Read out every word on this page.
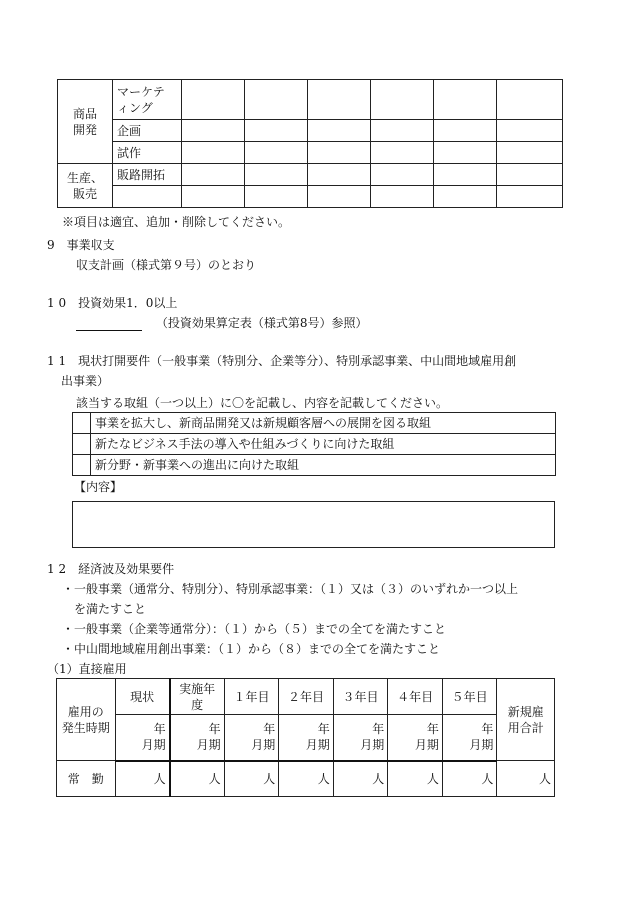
商品
開発	マーケテ
ィング						
	企画						
	試作						
生産、
販売	販路開拓						

※項目は適宜、追加・削除してください。
9　事業収支
収支計画（様式第９号）のとおり
1 0　投資効果1．0以上
（投資効果算定表（様式第8号）参照）
1 1　現状打開要件（一般事業（特別分、企業等分）、特別承認事業、中山間地域雇用創
出事業）
該当する取組（一つ以上）に〇を記載し、内容を記載してください。
	事業を拡大し、新商品開発又は新規顧客層への展開を図る取組
	新たなビジネス手法の導入や仕組みづくりに向けた取組
	新分野・新事業への進出に向けた取組
【内容】
1 2　経済波及効果要件
・一般事業（通常分、特別分）、特別承認事業：（１）又は（３）のいずれか一つ以上
を満たすこと
・一般事業（企業等通常分）：（１）から（５）までの全てを満たすこと
・中山間地域雇用創出事業：（１）から（８）までの全てを満たすこと
（1）直接雇用
雇用の
発生時期	現状	実施年
度	１年目	２年目	３年目	４年目	５年目	新規雇
用合計
	年
月期	年
月期	年
月期	年
月期	年
月期	年
月期	年
月期	
常　勤	人	人	人	人	人	人	人	人
